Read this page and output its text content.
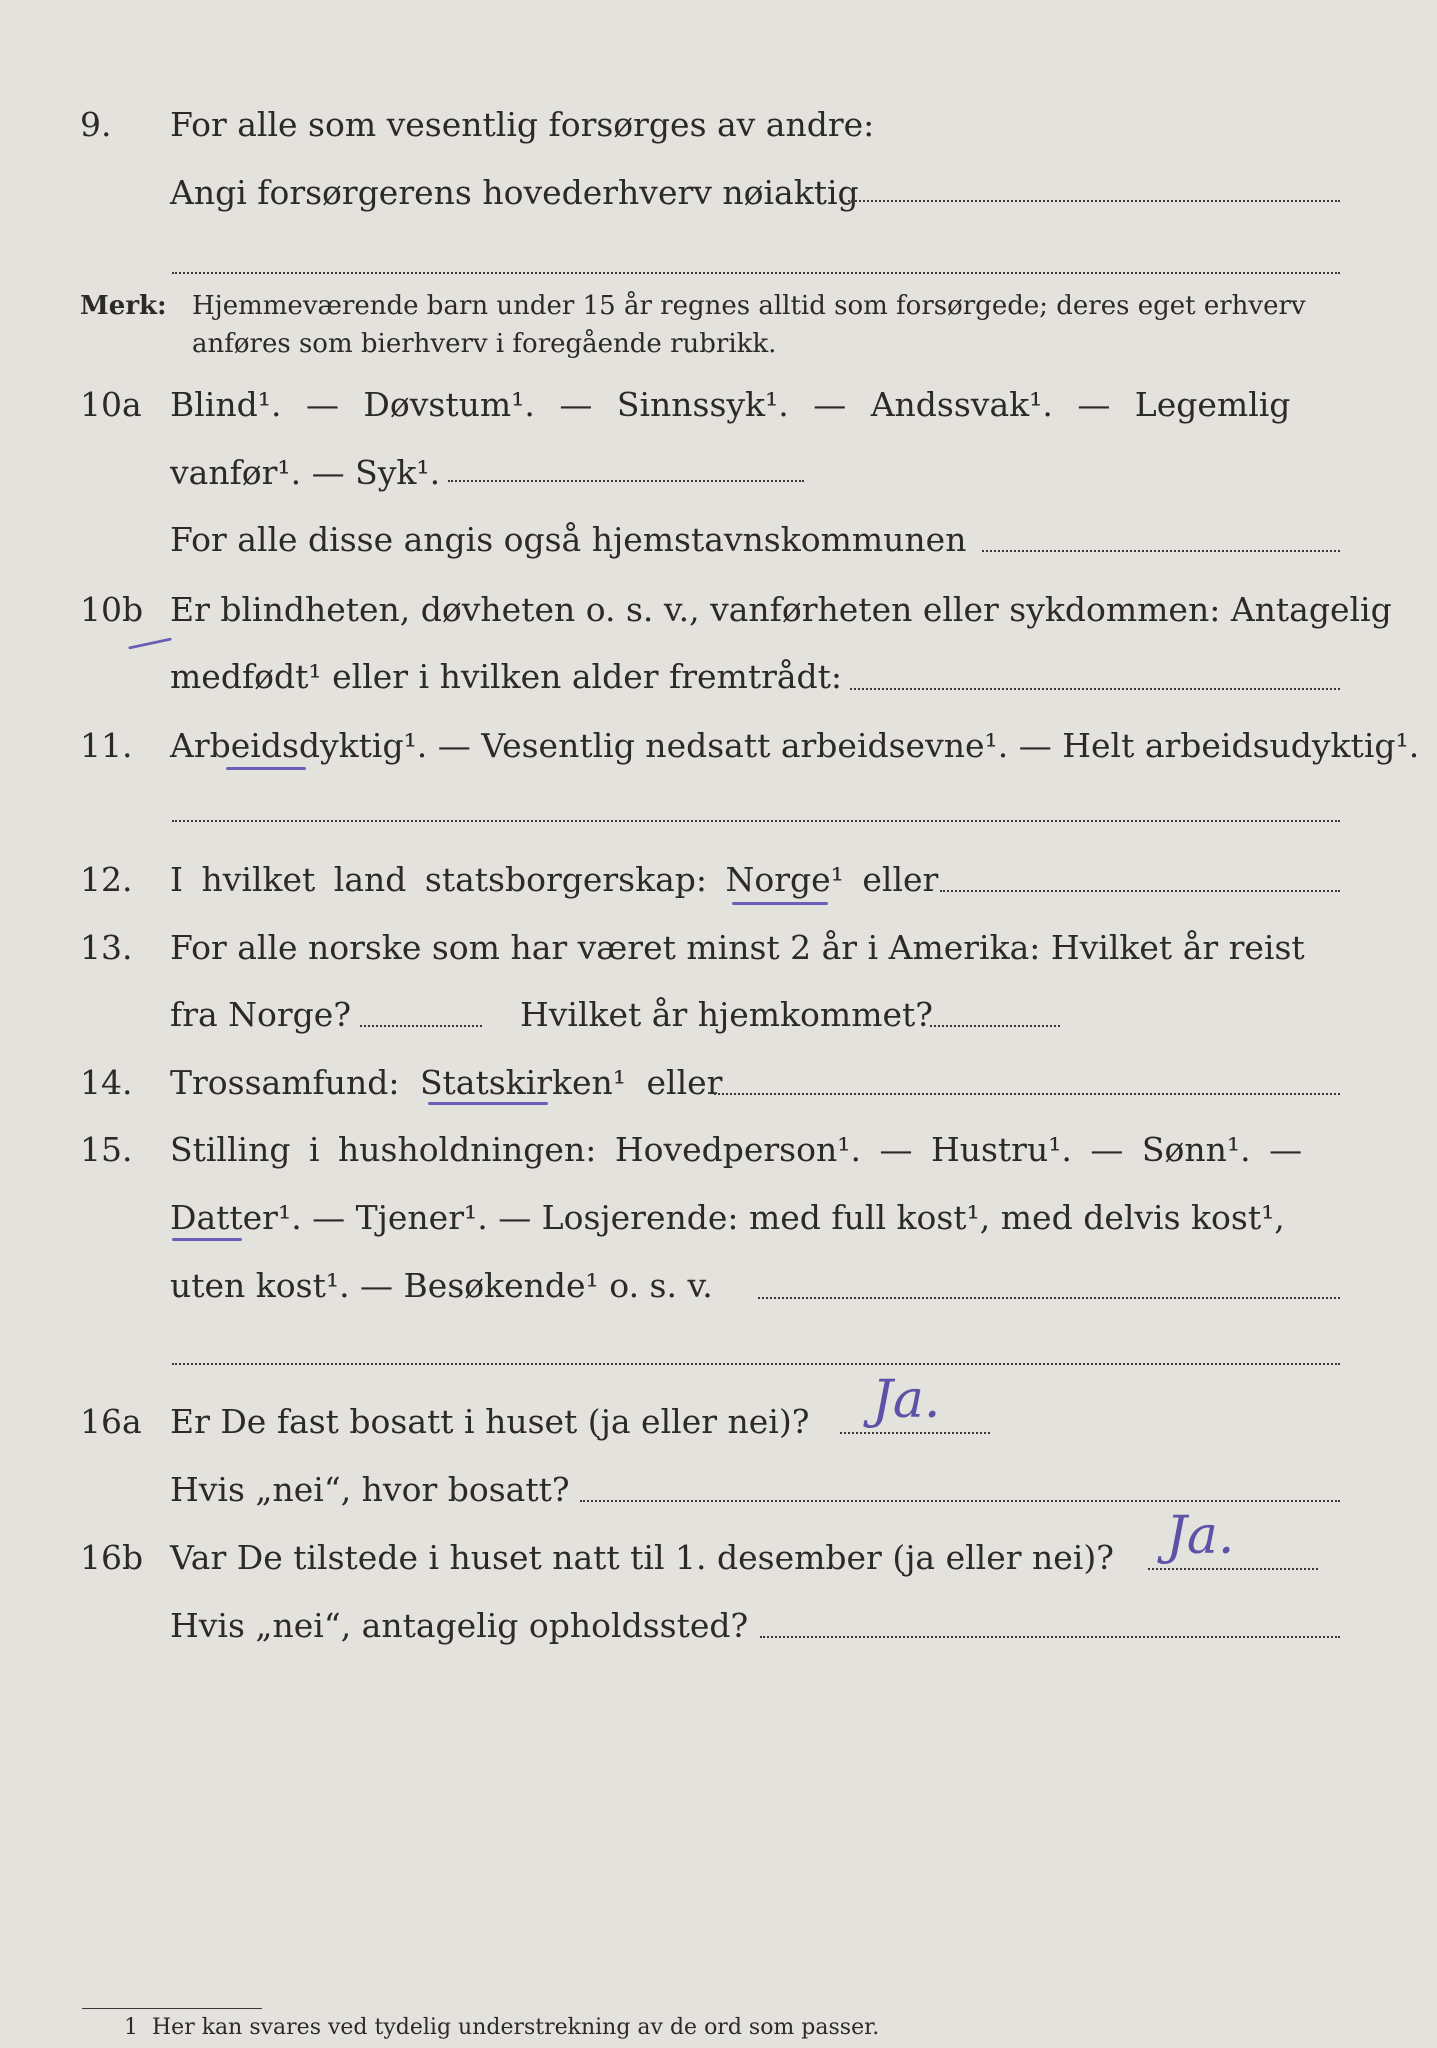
9. For alle som vesentlig forsørges av andre:
Angi forsørgerens hovederhverv nøiaktig
Merk: Hjemmeværende barn under 15 år regnes alltid som forsørgede; deres eget erhverv
anføres som bierhverv i foregående rubrikk.
10a Blind¹. — Døvstum¹. — Sinnssyk¹. — Andssvak¹. — Legemlig
vanfør¹. — Syk¹.
For alle disse angis også hjemstavnskommunen
10b Er blindheten, døvheten o. s. v., vanførheten eller sykdommen: Antagelig
medfødt¹ eller i hvilken alder fremtrådt:
11. Arbeidsdyktig¹. — Vesentlig nedsatt arbeidsevne¹. — Helt arbeidsudyktig¹.
12. I hvilket land statsborgerskap: Norge¹ eller
13. For alle norske som har været minst 2 år i Amerika: Hvilket år reist
fra Norge?	Hvilket år hjemkommet?
14. Trossamfund: Statskirken¹ eller
15. Stilling i husholdningen: Hovedperson¹. — Hustru¹. — Sønn¹. —
Datter¹. — Tjener¹. — Losjerende: med full kost¹, med delvis kost¹,
uten kost¹. — Besøkende¹ o. s. v.
16a Er De fast bosatt i huset (ja eller nei)? Ja.
Hvis „nei“, hvor bosatt?
16b Var De tilstede i huset natt til 1. desember (ja eller nei)? Ja.
Hvis „nei“, antagelig opholdssted?
1 Her kan svares ved tydelig understrekning av de ord som passer.
